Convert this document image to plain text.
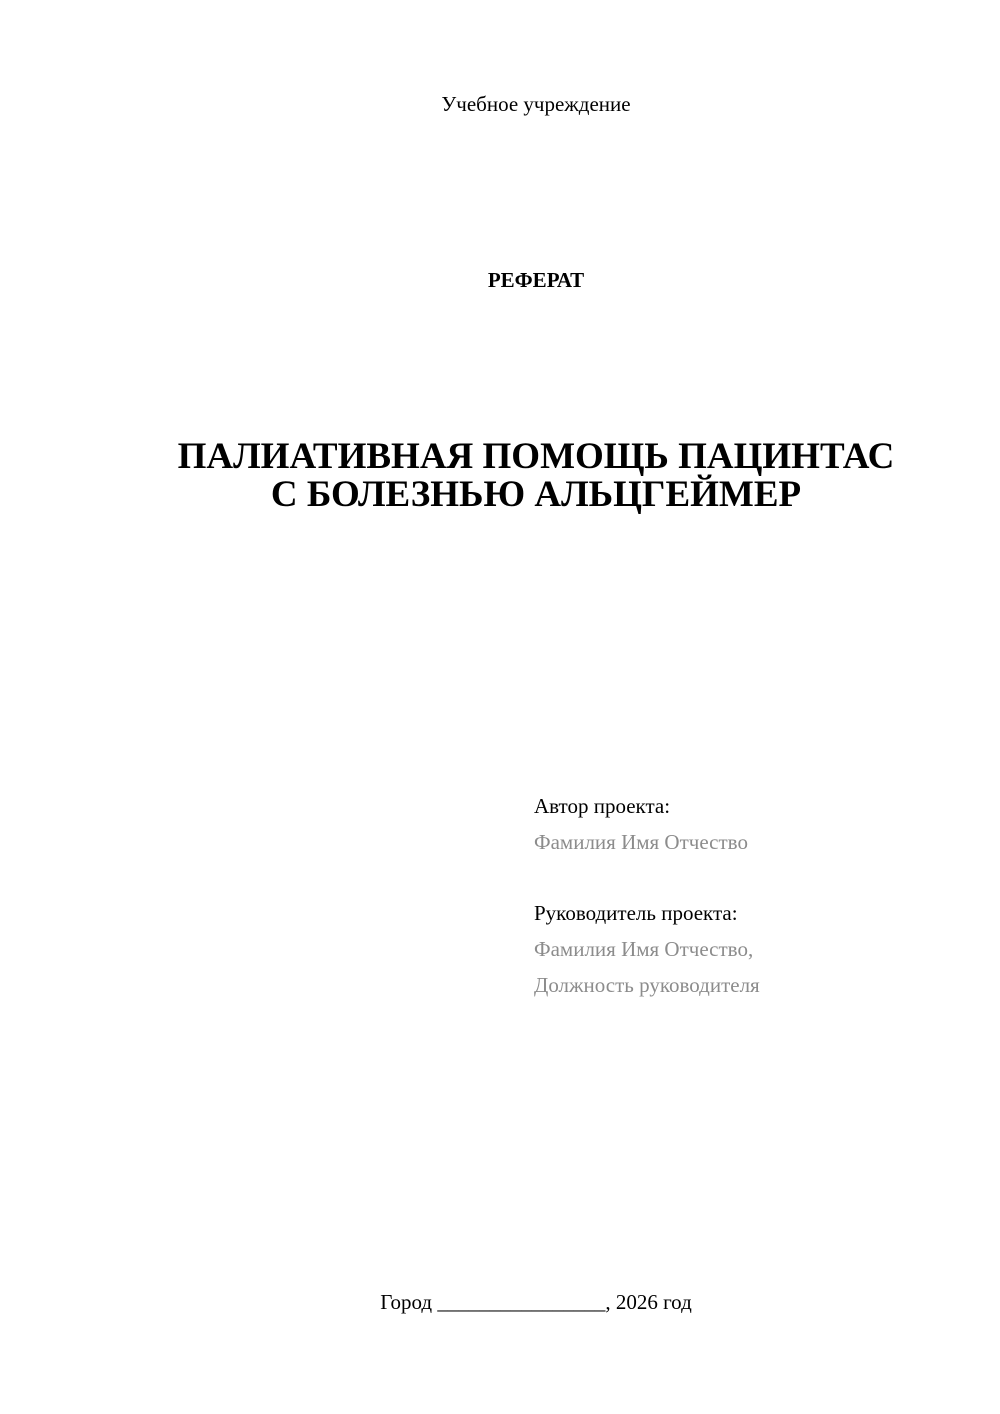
Учебное учреждение
РЕФЕРАТ
ПАЛИАТИВНАЯ ПОМОЩЬ ПАЦИНТАС
С БОЛЕЗНЬЮ АЛЬЦГЕЙМЕР
Автор проекта:
Фамилия Имя Отчество
Руководитель проекта:
Фамилия Имя Отчество,
Должность руководителя
Город ________________, 2026 год
